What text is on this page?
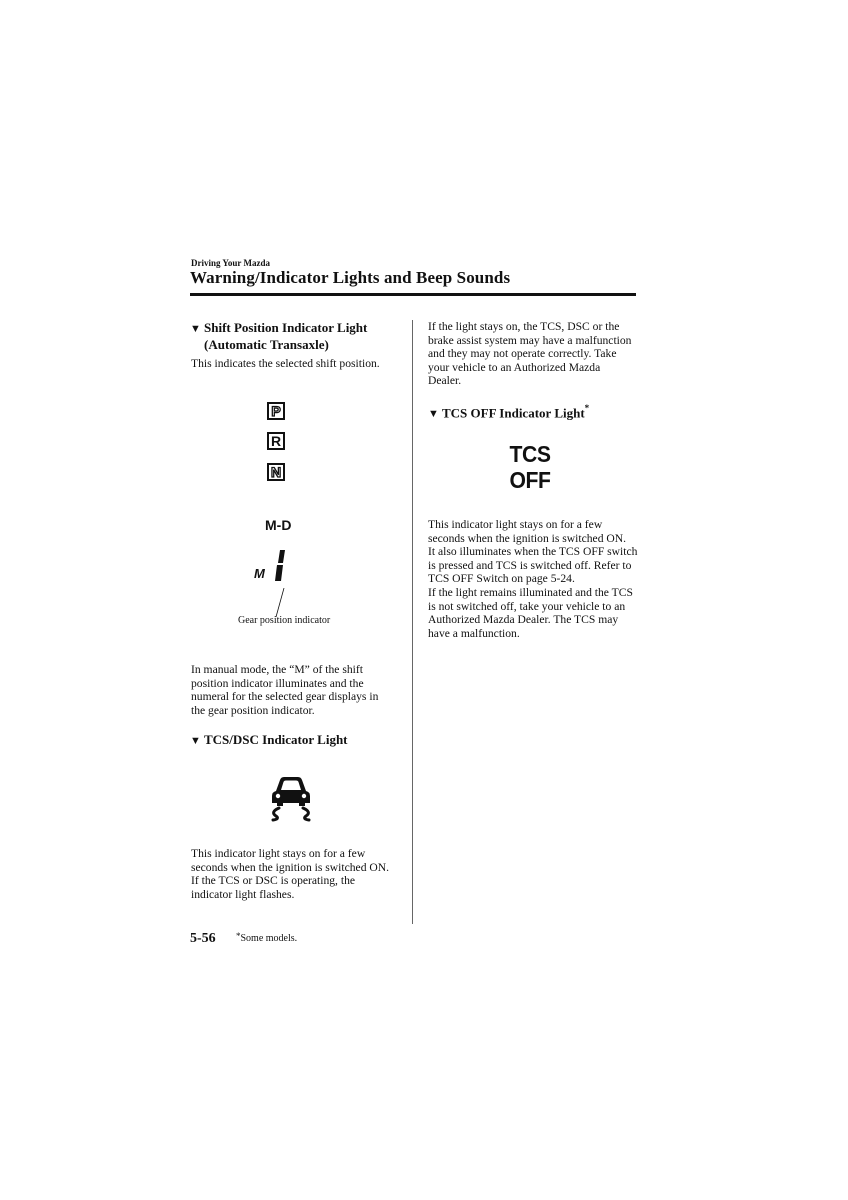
Driving Your Mazda
Warning/Indicator Lights and Beep Sounds
▼ Shift Position Indicator Light
(Automatic Transaxle)
This indicates the selected shift position.
P
R
N
M-D
M
Gear position indicator
In manual mode, the “M” of the shift position indicator illuminates and the numeral for the selected gear displays in the gear position indicator.
▼ TCS/DSC Indicator Light
This indicator light stays on for a few seconds when the ignition is switched ON. If the TCS or DSC is operating, the indicator light flashes.
If the light stays on, the TCS, DSC or the brake assist system may have a malfunction and they may not operate correctly. Take your vehicle to an Authorized Mazda Dealer.
▼ TCS OFF Indicator Light*
TCS
OFF

This indicator light stays on for a few seconds when the ignition is switched ON.

It also illuminates when the TCS OFF switch is pressed and TCS is switched off. Refer to TCS OFF Switch on page 5-24.

If the light remains illuminated and the TCS is not switched off, take your vehicle to an Authorized Mazda Dealer. The TCS may have a malfunction.

5-56 *Some models.
